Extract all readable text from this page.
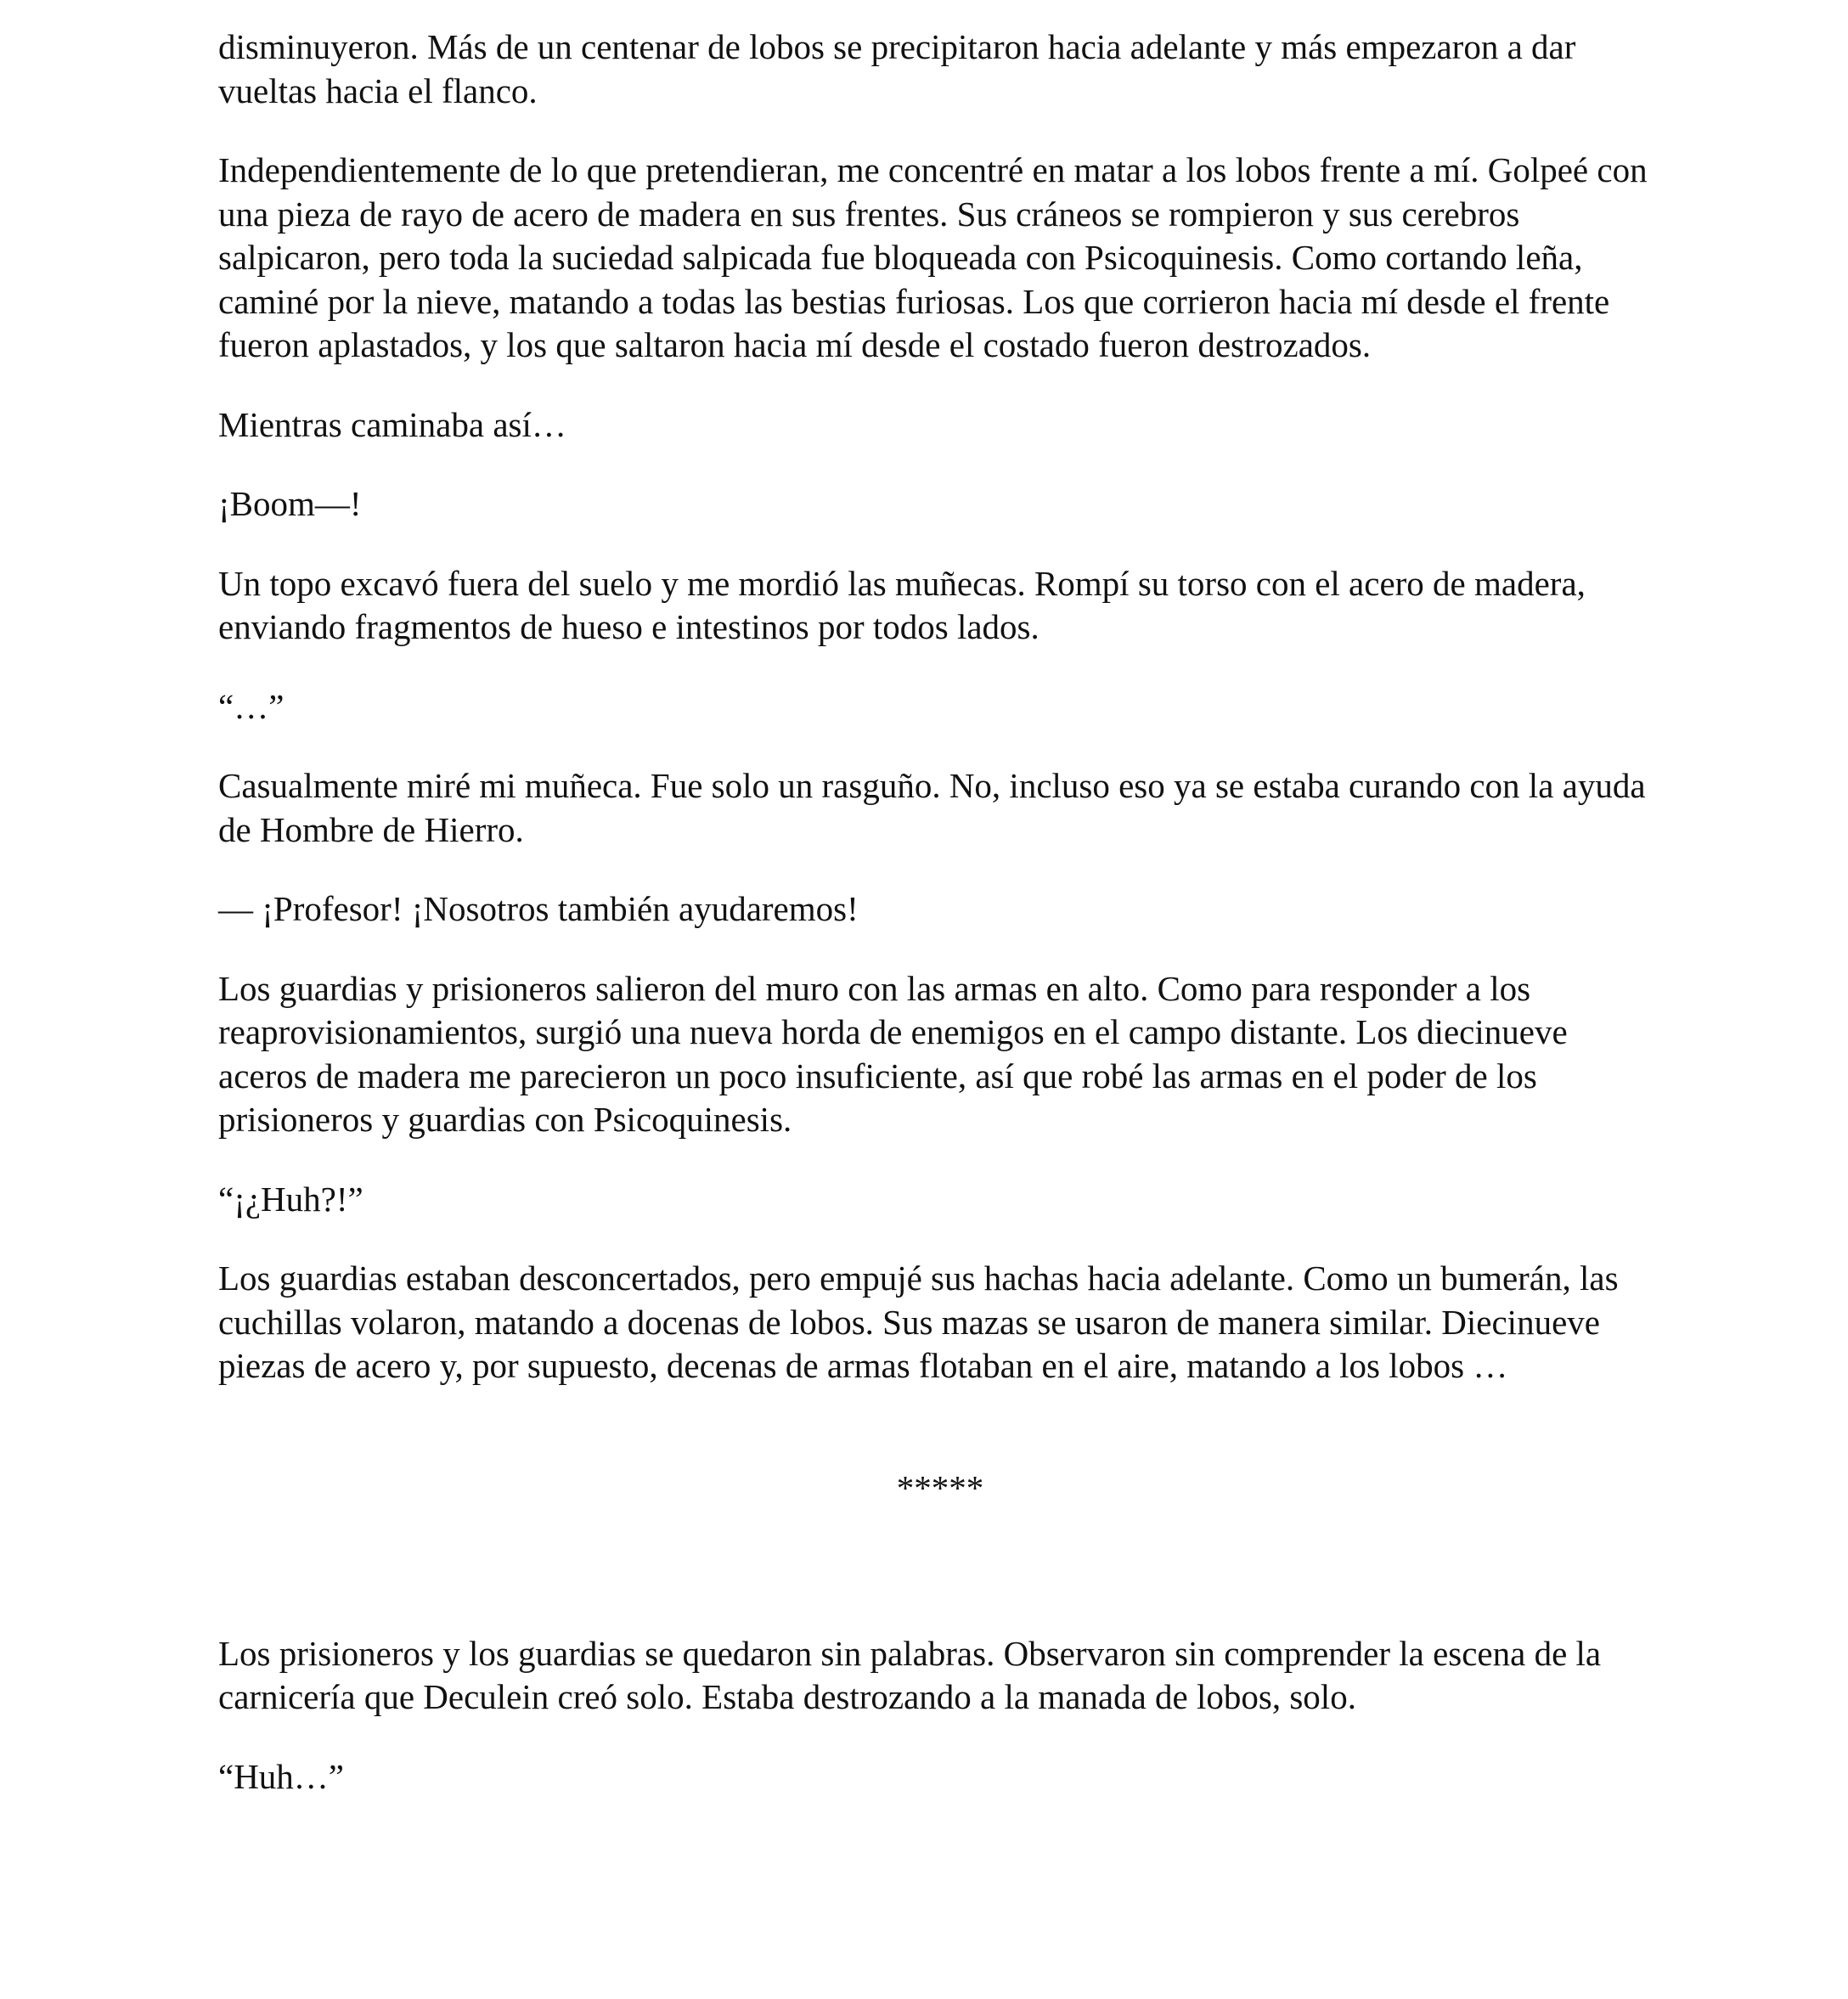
disminuyeron. Más de un centenar de lobos se precipitaron hacia adelante y más empezaron a dar vueltas hacia el flanco.

Independientemente de lo que pretendieran, me concentré en matar a los lobos frente a mí. Golpeé con una pieza de rayo de acero de madera en sus frentes. Sus cráneos se rompieron y sus cerebros salpicaron, pero toda la suciedad salpicada fue bloqueada con Psicoquinesis. Como cortando leña, caminé por la nieve, matando a todas las bestias furiosas. Los que corrieron hacia mí desde el frente fueron aplastados, y los que saltaron hacia mí desde el costado fueron destrozados.

Mientras caminaba así…

¡Boom—!

Un topo excavó fuera del suelo y me mordió las muñecas. Rompí su torso con el acero de madera, enviando fragmentos de hueso e intestinos por todos lados.

“…”

Casualmente miré mi muñeca. Fue solo un rasguño. No, incluso eso ya se estaba curando con la ayuda de Hombre de Hierro.

— ¡Profesor! ¡Nosotros también ayudaremos!

Los guardias y prisioneros salieron del muro con las armas en alto. Como para responder a los reaprovisionamientos, surgió una nueva horda de enemigos en el campo distante. Los diecinueve aceros de madera me parecieron un poco insuficiente, así que robé las armas en el poder de los prisioneros y guardias con Psicoquinesis.

“¡¿Huh?!”

Los guardias estaban desconcertados, pero empujé sus hachas hacia adelante. Como un bumerán, las cuchillas volaron, matando a docenas de lobos. Sus mazas se usaron de manera similar. Diecinueve piezas de acero y, por supuesto, decenas de armas flotaban en el aire, matando a los lobos …

*****

Los prisioneros y los guardias se quedaron sin palabras. Observaron sin comprender la escena de la carnicería que Deculein creó solo. Estaba destrozando a la manada de lobos, solo.

“Huh…”
